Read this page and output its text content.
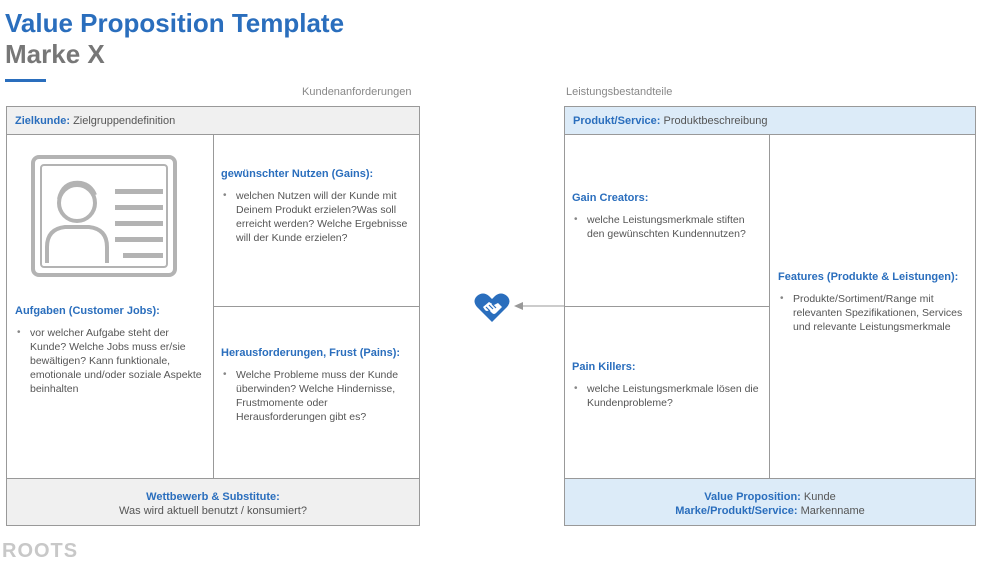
Value Proposition Template
Marke X
Kundenanforderungen	Leistungsbestandteile
Zielkunde: Zielgruppendefinition
Aufgaben (Customer Jobs):
• vor welcher Aufgabe steht der Kunde? Welche Jobs muss er/sie bewältigen? Kann funktionale, emotionale und/oder soziale Aspekte beinhalten
gewünschter Nutzen (Gains):
• welchen Nutzen will der Kunde mit Deinem Produkt erzielen?Was soll erreicht werden? Welche Ergebnisse will der Kunde erzielen?
Herausforderungen, Frust (Pains):
• Welche Probleme muss der Kunde überwinden? Welche Hindernisse, Frustmomente oder Herausforderungen gibt es?
Wettbewerb & Substitute:
Was wird aktuell benutzt / konsumiert?
Produkt/Service: Produktbeschreibung
Gain Creators:
• welche Leistungsmerkmale stiften den gewünschten Kundennutzen?
Pain Killers:
• welche Leistungsmerkmale lösen die Kundenprobleme?
Features (Produkte & Leistungen):
• Produkte/Sortiment/Range mit relevanten Spezifikationen, Services und relevante Leistungsmerkmale
Value Proposition: Kunde
Marke/Produkt/Service: Markenname
ROOTS
